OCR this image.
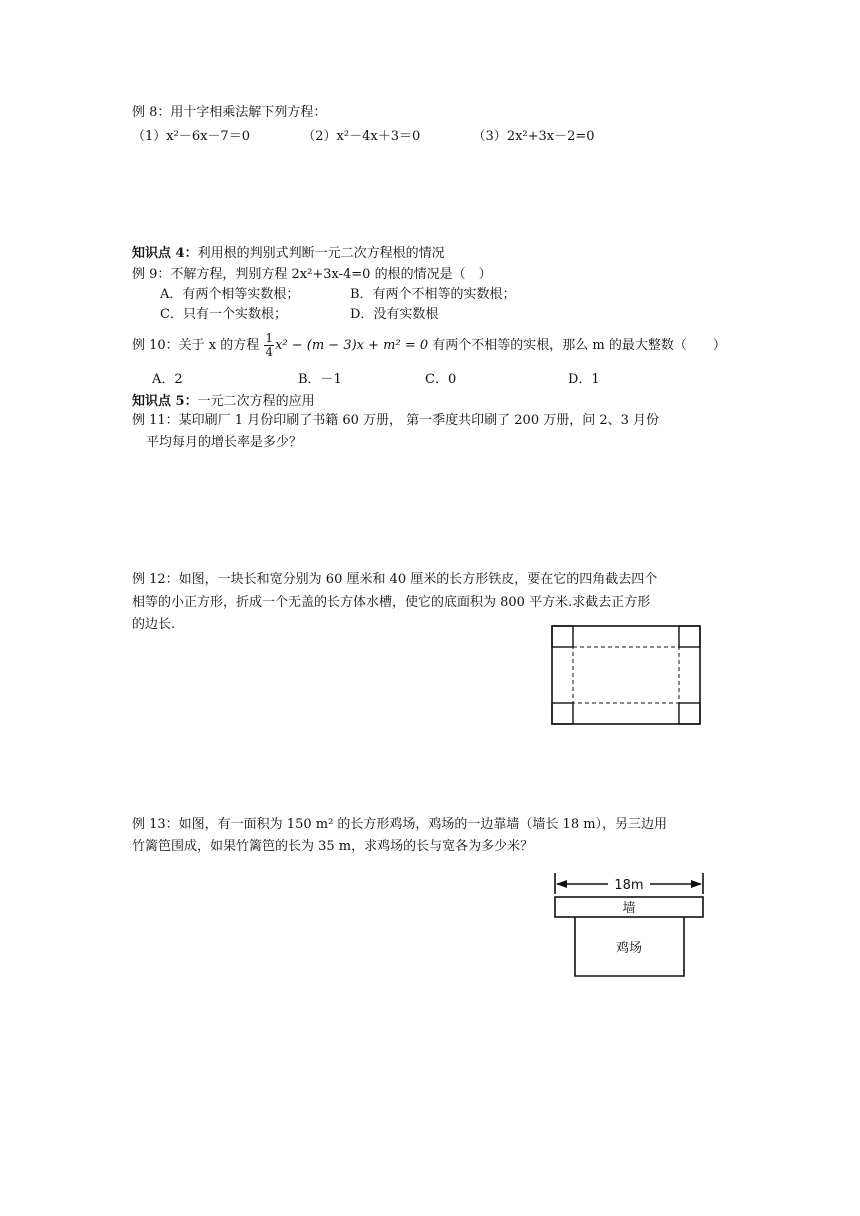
例 8：用十字相乘法解下列方程：
（1）x²－6x－7＝0	（2）x²－4x＋3＝0	（3）2x²+3x－2=0
知识点 4：利用根的判别式判断一元二次方程根的情况
例 9：不解方程，判别方程 2x²+3x-4=0 的根的情况是（　）
A．有两个相等实数根；	B．有两个不相等的实数根；
C．只有一个实数根；	D．没有实数根
例 10：关于 x 的方程 $\frac{1}{4} x^2 - (m - 3)x + m^2 = 0$ 有两个不相等的实根，那么 m 的最大整数（　　）
A．2	B．－1	C．0	D．1
知识点 5：一元二次方程的应用
例 11：某印刷厂 1 月份印刷了书籍 60 万册， 第一季度共印刷了 200 万册，问 2、3 月份
平均每月的增长率是多少？
例 12：如图，一块长和宽分别为 60 厘米和 40 厘米的长方形铁皮，要在它的四角截去四个
相等的小正方形，折成一个无盖的长方体水槽，使它的底面积为 800 平方米.求截去正方形
的边长.
例 13：如图，有一面积为 150 m² 的长方形鸡场，鸡场的一边靠墙（墙长 18 m），另三边用
竹篱笆围成，如果竹篱笆的长为 35 m，求鸡场的长与宽各为多少米？
18m
墙
鸡场
